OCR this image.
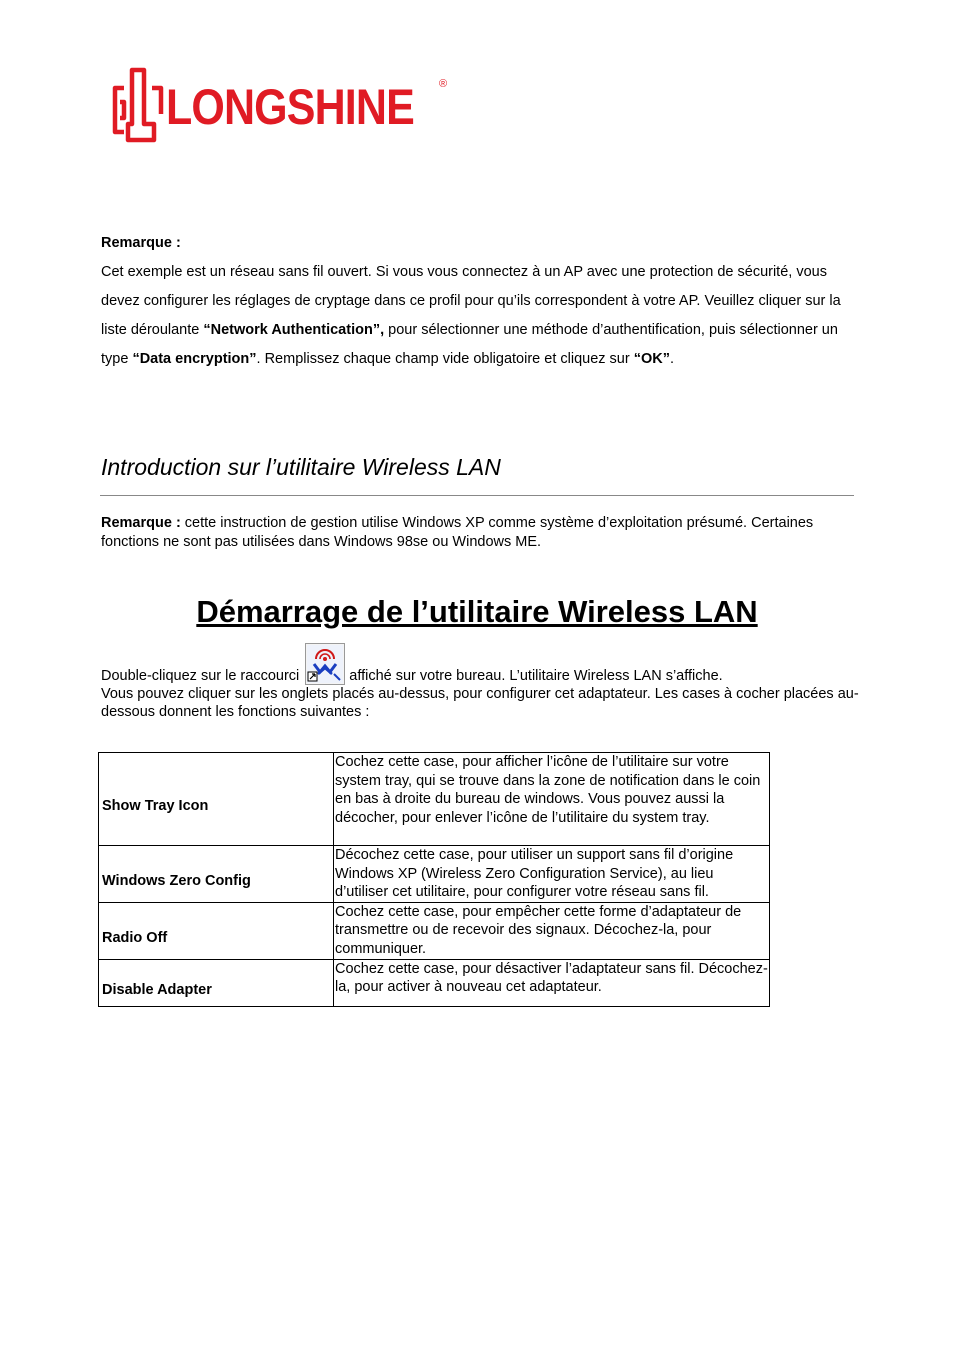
LONGSHINE ®
Remarque :
Cet exemple est un réseau sans fil ouvert. Si vous vous connectez à un AP avec une protection de sécurité, vous devez configurer les réglages de cryptage dans ce profil pour qu’ils correspondent à votre AP. Veuillez cliquer sur la liste déroulante “Network Authentication”, pour sélectionner une méthode d’authentification, puis sélectionner un type “Data encryption”. Remplissez chaque champ vide obligatoire et cliquez sur “OK”.
Introduction sur l’utilitaire Wireless LAN
Remarque : cette instruction de gestion utilise Windows XP comme système d’exploitation présumé. Certaines fonctions ne sont pas utilisées dans Windows 98se ou Windows ME.
Démarrage de l’utilitaire Wireless LAN
Double-cliquez sur le raccourci	affiché sur votre bureau. L’utilitaire Wireless LAN s’affiche.
Vous pouvez cliquer sur les onglets placés au-dessus, pour configurer cet adaptateur. Les cases à cocher placées au-dessous donnent les fonctions suivantes :
Show Tray Icon	Cochez cette case, pour afficher l’icône de l’utilitaire sur votre system tray, qui se trouve dans la zone de notification dans le coin en bas à droite du bureau de windows. Vous pouvez aussi la décocher, pour enlever l’icône de l’utilitaire du system tray.
Windows Zero Config	Décochez cette case, pour utiliser un support sans fil d’origine Windows XP (Wireless Zero Configuration Service), au lieu d’utiliser cet utilitaire, pour configurer votre réseau sans fil.
Radio Off	Cochez cette case, pour empêcher cette forme d’adaptateur de transmettre ou de recevoir des signaux. Décochez-la, pour communiquer.
Disable Adapter	Cochez cette case, pour désactiver l’adaptateur sans fil. Décochez-la, pour activer à nouveau cet adaptateur.
